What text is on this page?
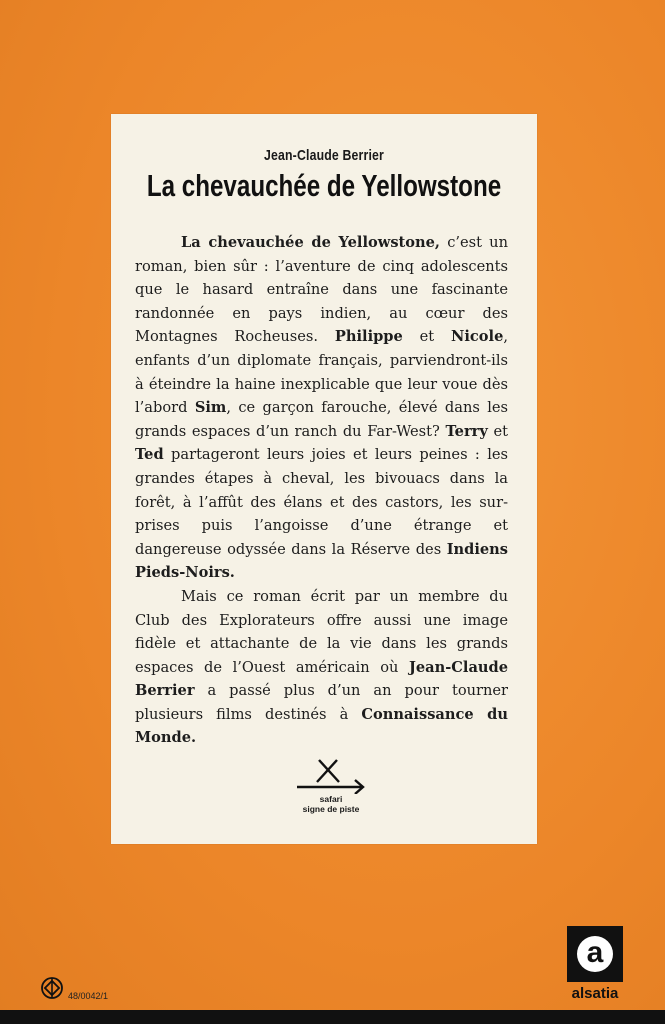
Jean-Claude Berrier
La chevauchée de Yellowstone

La chevauchée de Yellowstone, c’est un roman, bien sûr : l’aventure de cinq adolescents que le hasard entraîne dans une fascinante randonnée en pays indien, au cœur des Montagnes Rocheuses. Philippe et Nicole, enfants d’un diplomate français, parviendront-ils à éteindre la haine inexplicable que leur voue dès l’abord Sim, ce garçon farouche, élevé dans les grands espaces d’un ranch du Far-West? Terry et Ted partageront leurs joies et leurs peines : les grandes étapes à cheval, les bivouacs dans la forêt, à l’affût des élans et des castors, les surprises puis l’angoisse d’une étrange et dangereuse odyssée dans la Réserve des Indiens Pieds-Noirs.

Mais ce roman écrit par un membre du Club des Explorateurs offre aussi une image fidèle et attachante de la vie dans les grands espaces de l’Ouest américain où Jean-Claude Berrier a passé plus d’un an pour tourner plusieurs films destinés à Connaissance du Monde.

safari
signe de piste
a
alsatia
48/0042/1
